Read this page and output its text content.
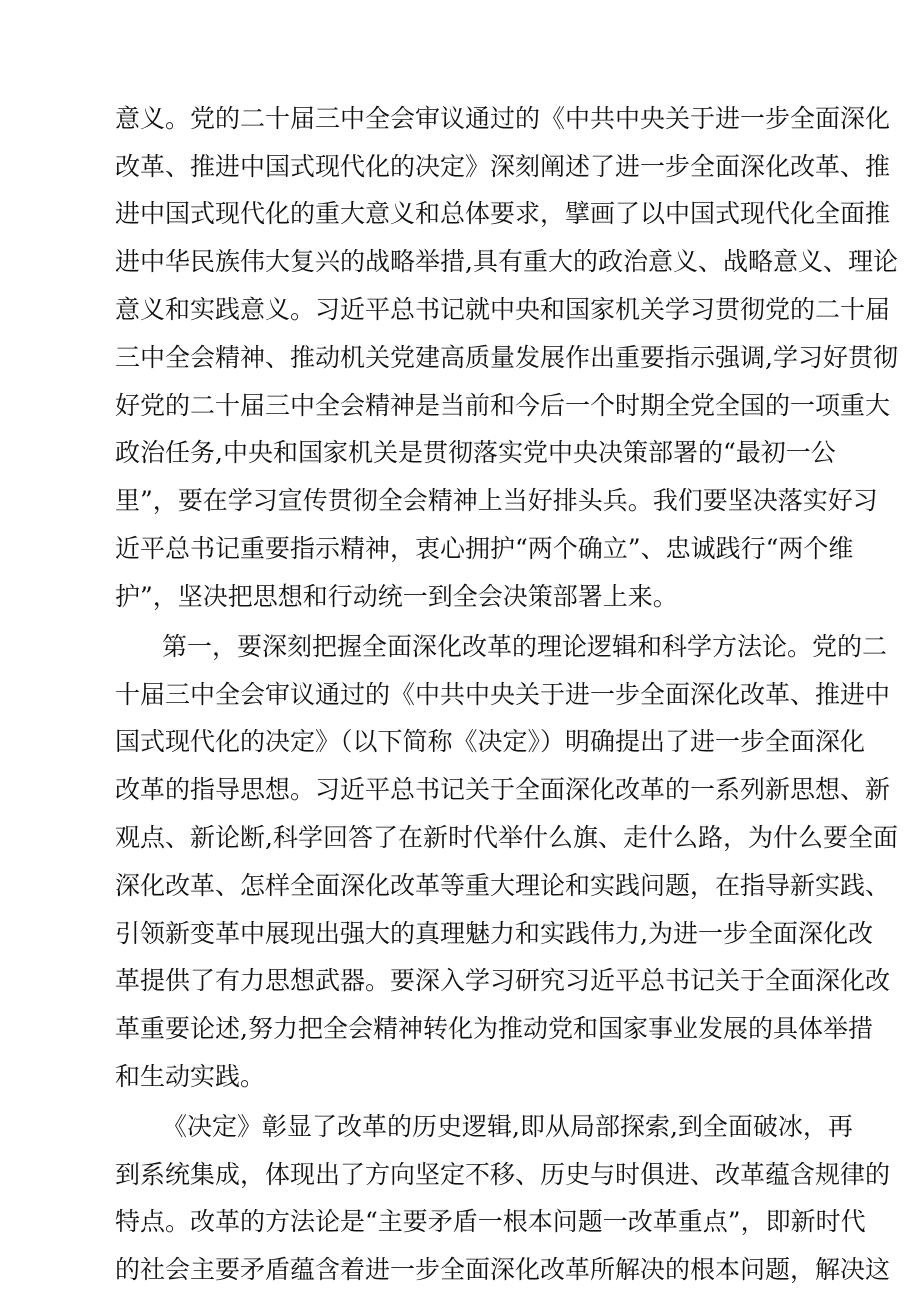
意义。党的二十届三中全会审议通过的《中共中央关于进一步全面深化
改革、推进中国式现代化的决定》深刻阐述了进一步全面深化改革、推
进中国式现代化的重大意义和总体要求，擘画了以中国式现代化全面推
进中华民族伟大复兴的战略举措,具有重大的政治意义、战略意义、理论
意义和实践意义。习近平总书记就中央和国家机关学习贯彻党的二十届
三中全会精神、推动机关党建高质量发展作出重要指示强调,学习好贯彻
好党的二十届三中全会精神是当前和今后一个时期全党全国的一项重大
政治任务,中央和国家机关是贯彻落实党中央决策部署的“最初一公
里”，要在学习宣传贯彻全会精神上当好排头兵。我们要坚决落实好习
近平总书记重要指示精神，衷心拥护“两个确立”、忠诚践行“两个维
护”，坚决把思想和行动统一到全会决策部署上来。
第一，要深刻把握全面深化改革的理论逻辑和科学方法论。党的二
十届三中全会审议通过的《中共中央关于进一步全面深化改革、推进中
国式现代化的决定》（以下简称《决定》）明确提出了进一步全面深化
改革的指导思想。习近平总书记关于全面深化改革的一系列新思想、新
观点、新论断,科学回答了在新时代举什么旗、走什么路，为什么要全面
深化改革、怎样全面深化改革等重大理论和实践问题，在指导新实践、
引领新变革中展现出强大的真理魅力和实践伟力,为进一步全面深化改
革提供了有力思想武器。要深入学习研究习近平总书记关于全面深化改
革重要论述,努力把全会精神转化为推动党和国家事业发展的具体举措
和生动实践。
《决定》彰显了改革的历史逻辑,即从局部探索,到全面破冰，再
到系统集成，体现出了方向坚定不移、历史与时俱进、改革蕴含规律的
特点。改革的方法论是“主要矛盾一根本问题一改革重点”，即新时代
的社会主要矛盾蕴含着进一步全面深化改革所解决的根本问题，解决这
